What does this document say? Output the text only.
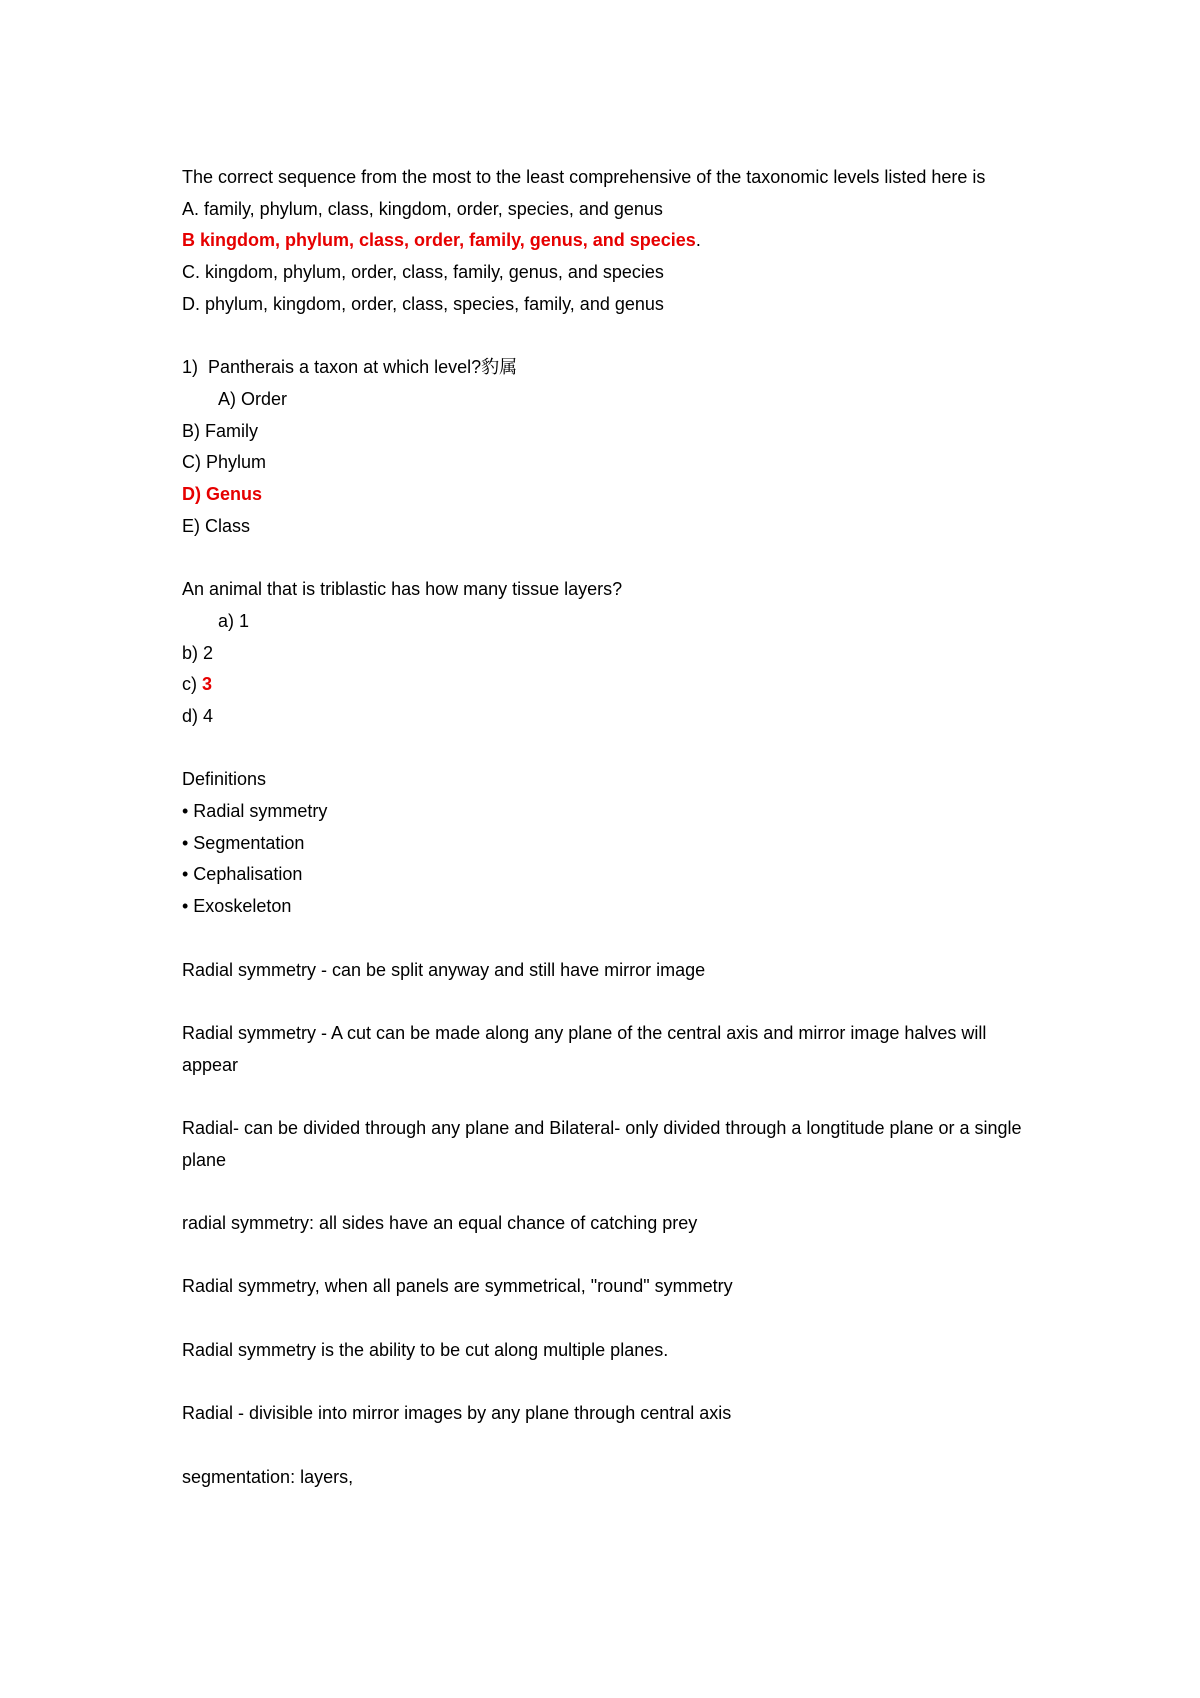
The correct sequence from the most to the least comprehensive of the taxonomic levels listed here is
A. family, phylum, class, kingdom, order, species, and genus
B kingdom, phylum, class, order, family, genus, and species.
C. kingdom, phylum, order, class, family, genus, and species
D. phylum, kingdom, order, class, species, family, and genus
1) Pantherais a taxon at which level?豹属
A) Order
B) Family
C) Phylum
D) Genus
E) Class
An animal that is triblastic has how many tissue layers?
a) 1
b) 2
c) 3
d) 4
Definitions
• Radial symmetry
• Segmentation
• Cephalisation
• Exoskeleton
Radial symmetry - can be split anyway and still have mirror image
Radial symmetry - A cut can be made along any plane of the central axis and mirror image halves will appear
Radial- can be divided through any plane and Bilateral- only divided through a longtitude plane or a single plane
radial symmetry: all sides have an equal chance of catching prey
Radial symmetry, when all panels are symmetrical, "round" symmetry
Radial symmetry is the ability to be cut along multiple planes.
Radial - divisible into mirror images by any plane through central axis
segmentation: layers,
